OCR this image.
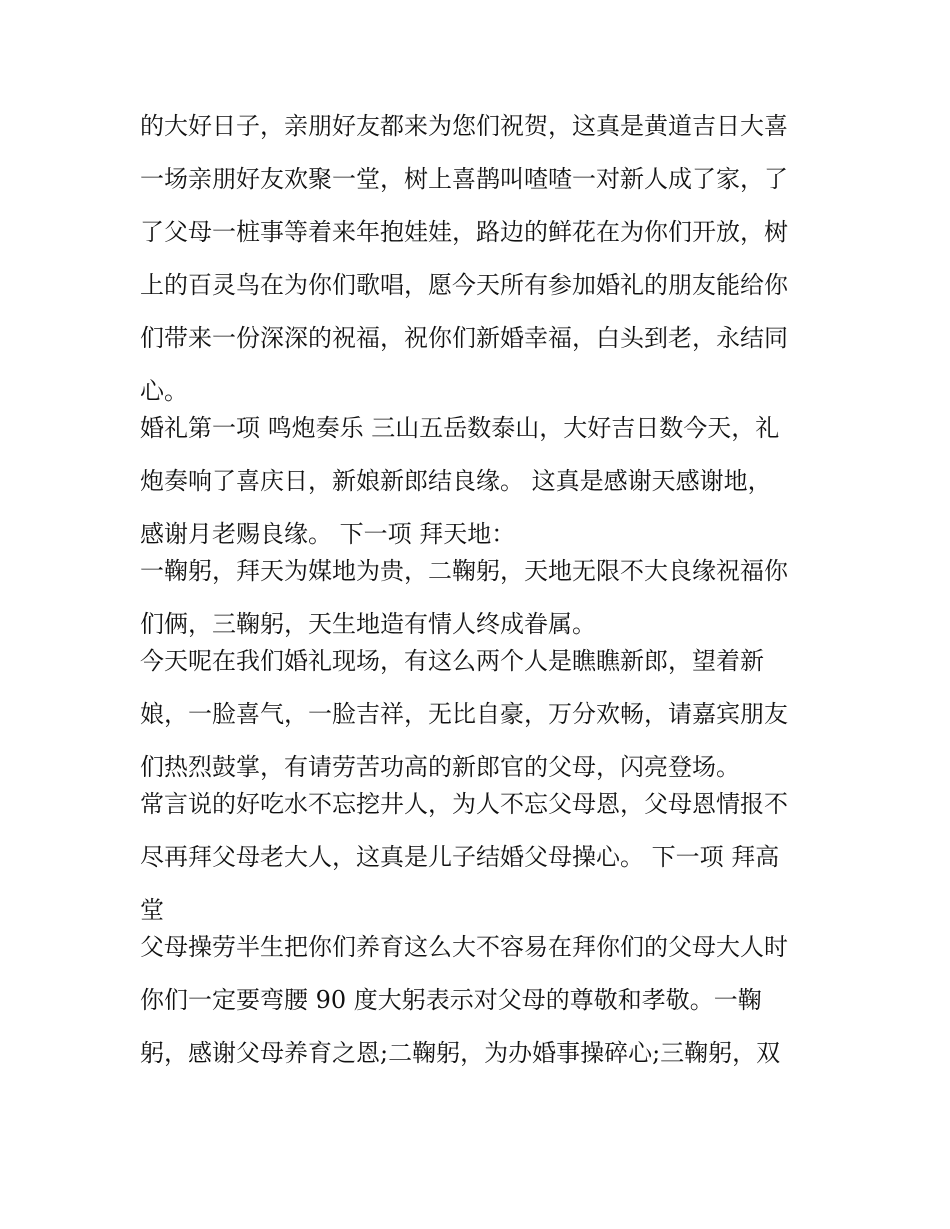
的大好日子，亲朋好友都来为您们祝贺，这真是黄道吉日大喜

一场亲朋好友欢聚一堂，树上喜鹊叫喳喳一对新人成了家，了

了父母一桩事等着来年抱娃娃，路边的鲜花在为你们开放，树

上的百灵鸟在为你们歌唱，愿今天所有参加婚礼的朋友能给你

们带来一份深深的祝福，祝你们新婚幸福，白头到老，永结同

心。

婚礼第一项 鸣炮奏乐 三山五岳数泰山，大好吉日数今天，礼

炮奏响了喜庆日，新娘新郎结良缘。 这真是感谢天感谢地，

感谢月老赐良缘。 下一项 拜天地：

一鞠躬，拜天为媒地为贵，二鞠躬，天地无限不大良缘祝福你

们俩，三鞠躬，天生地造有情人终成眷属。

今天呢在我们婚礼现场，有这么两个人是瞧瞧新郎，望着新

娘，一脸喜气，一脸吉祥，无比自豪，万分欢畅，请嘉宾朋友

们热烈鼓掌，有请劳苦功高的新郎官的父母，闪亮登场。

常言说的好吃水不忘挖井人，为人不忘父母恩，父母恩情报不

尽再拜父母老大人，这真是儿子结婚父母操心。 下一项 拜高

堂

父母操劳半生把你们养育这么大不容易在拜你们的父母大人时

你们一定要弯腰 90 度大躬表示对父母的尊敬和孝敬。一鞠

躬，感谢父母养育之恩;二鞠躬，为办婚事操碎心;三鞠躬，双
